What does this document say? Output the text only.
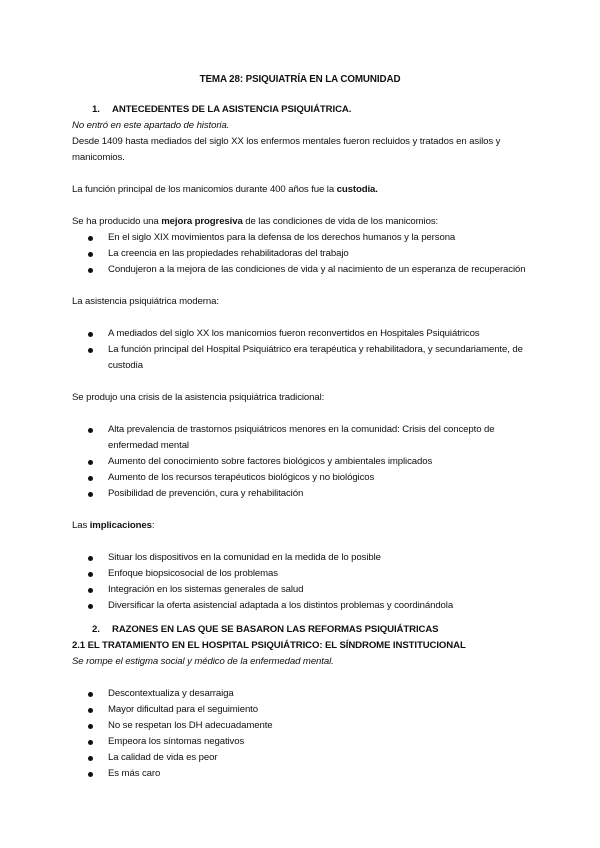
TEMA 28: PSIQUIATRÍA EN LA COMUNIDAD

1. ANTECEDENTES DE LA ASISTENCIA PSIQUIÁTRICA.

No entró en este apartado de historia.

Desde 1409 hasta mediados del siglo XX los enfermos mentales fueron recluidos y tratados en asilos y manicomios.

La función principal de los manicomios durante 400 años fue la custodia.

Se ha producido una mejora progresiva de las condiciones de vida de los manicomios:

En el siglo XIX movimientos para la defensa de los derechos humanos y la persona
La creencia en las propiedades rehabilitadoras del trabajo
Condujeron a la mejora de las condiciones de vida y al nacimiento de un esperanza de recuperación

La asistencia psiquiátrica moderna:

A mediados del siglo XX los manicomios fueron reconvertidos en Hospitales Psiquiátricos
La función principal del Hospital Psiquiátrico era terapéutica y rehabilitadora, y secundariamente, de custodia

Se produjo una crisis de la asistencia psiquiátrica tradicional:

Alta prevalencia de trastornos psiquiátricos menores en la comunidad: Crisis del concepto de enfermedad mental
Aumento del conocimiento sobre factores biológicos y ambientales implicados
Aumento de los recursos terapéuticos biológicos y no biológicos
Posibilidad de prevención, cura y rehabilitación

Las implicaciones:

Situar los dispositivos en la comunidad en la medida de lo posible
Enfoque biopsicosocial de los problemas
Integración en los sistemas generales de salud
Diversificar la oferta asistencial adaptada a los distintos problemas y coordinándola

2. RAZONES EN LAS QUE SE BASARON LAS REFORMAS PSIQUIÁTRICAS

2.1 EL TRATAMIENTO EN EL HOSPITAL PSIQUIÁTRICO: EL SÍNDROME INSTITUCIONAL

Se rompe el estigma social y médico de la enfermedad mental.

Descontextualiza y desarraiga
Mayor dificultad para el seguimiento
No se respetan los DH adecuadamente
Empeora los síntomas negativos
La calidad de vida es peor
Es más caro
